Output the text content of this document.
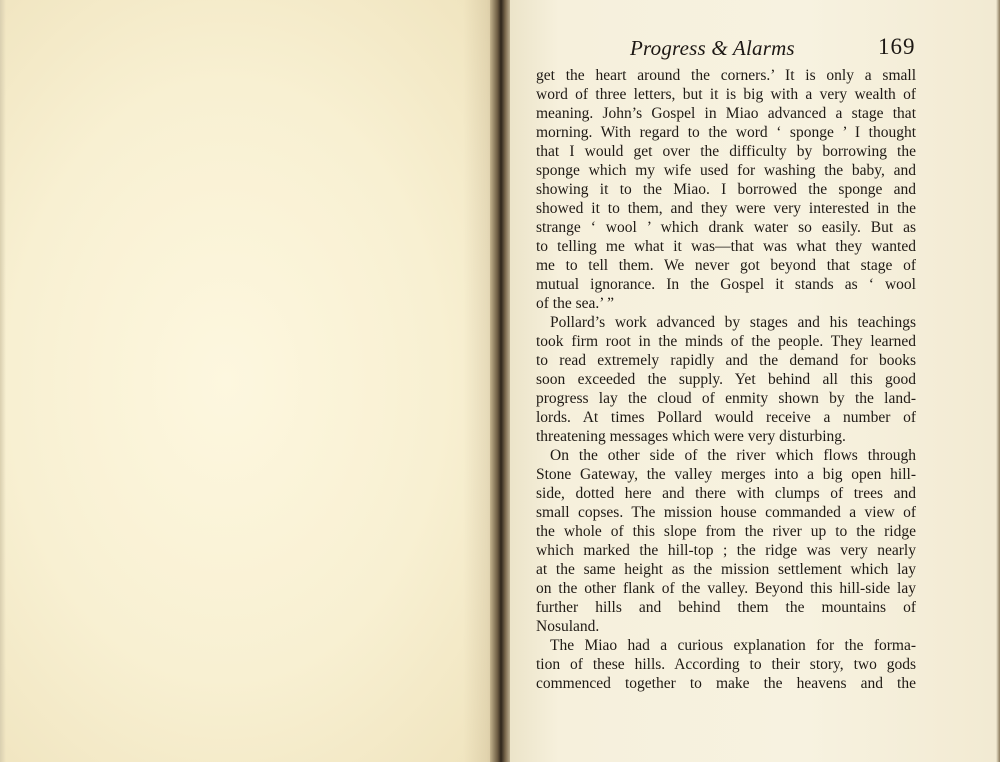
Progress & Alarms	169
get the heart around the corners.’ It is only a small
word of three letters, but it is big with a very wealth of
meaning. John’s Gospel in Miao advanced a stage that
morning. With regard to the word ‘ sponge ’ I thought
that I would get over the difficulty by borrowing the
sponge which my wife used for washing the baby, and
showing it to the Miao. I borrowed the sponge and
showed it to them, and they were very interested in the
strange ‘ wool ’ which drank water so easily. But as
to telling me what it was—that was what they wanted
me to tell them. We never got beyond that stage of
mutual ignorance. In the Gospel it stands as ‘ wool
of the sea.’ ”
Pollard’s work advanced by stages and his teachings
took firm root in the minds of the people. They learned
to read extremely rapidly and the demand for books
soon exceeded the supply. Yet behind all this good
progress lay the cloud of enmity shown by the land-
lords. At times Pollard would receive a number of
threatening messages which were very disturbing.
On the other side of the river which flows through
Stone Gateway, the valley merges into a big open hill-
side, dotted here and there with clumps of trees and
small copses. The mission house commanded a view of
the whole of this slope from the river up to the ridge
which marked the hill-top ; the ridge was very nearly
at the same height as the mission settlement which lay
on the other flank of the valley. Beyond this hill-side lay
further hills and behind them the mountains of
Nosuland.
The Miao had a curious explanation for the forma-
tion of these hills. According to their story, two gods
commenced together to make the heavens and the
